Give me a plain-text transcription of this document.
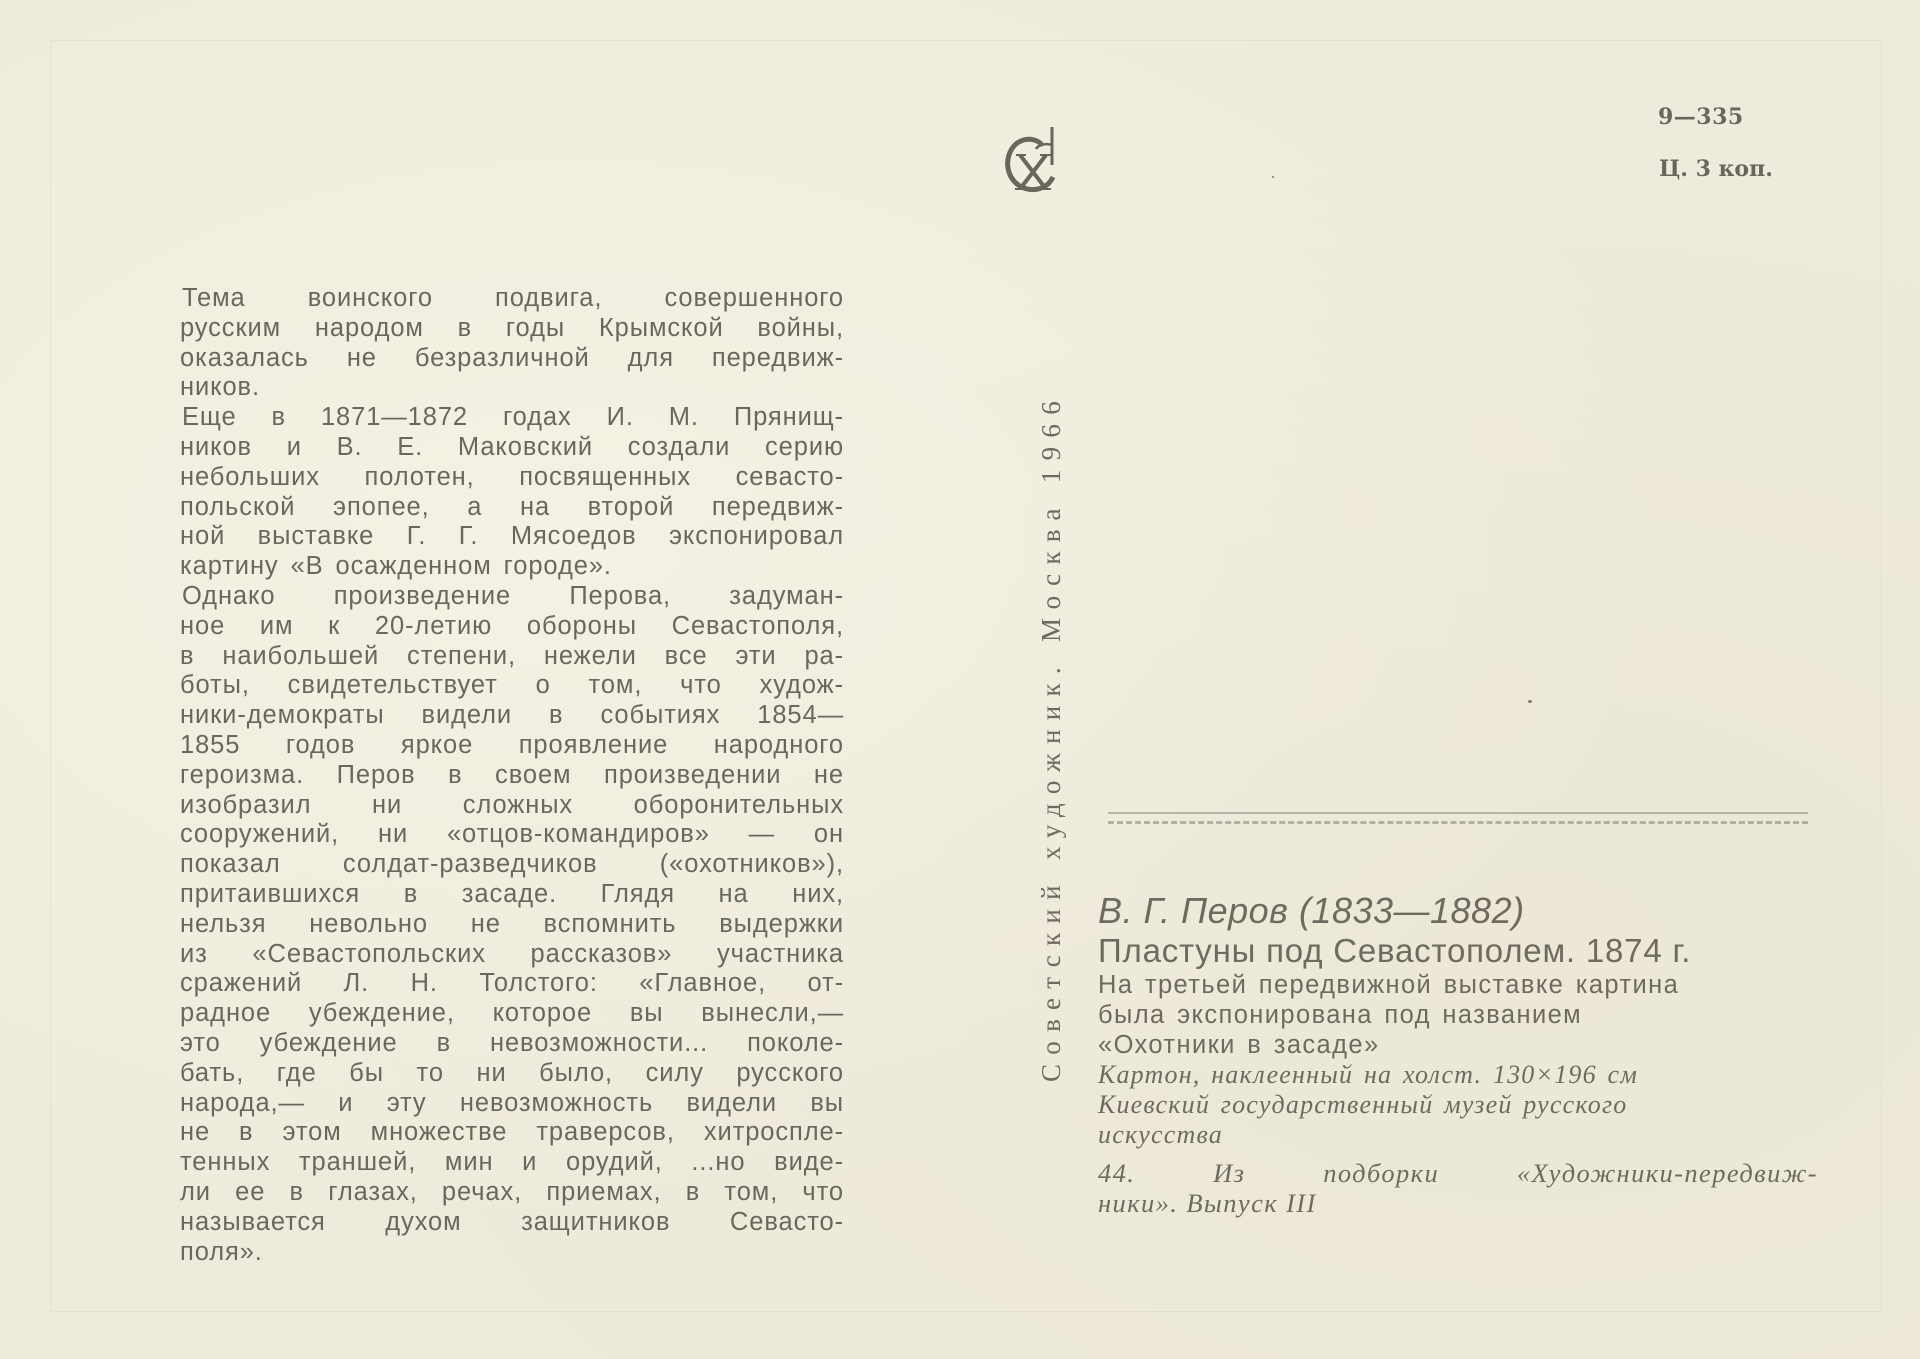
Тема воинского подвига, совершенного
русским народом в годы Крымской войны,
оказалась не безразличной для передвиж-
ников.
Еще в 1871—1872 годах И. М. Прянищ-
ников и В. Е. Маковский создали серию
небольших полотен, посвященных севасто-
польской эпопее, а на второй передвиж-
ной выставке Г. Г. Мясоедов экспонировал
картину «В осажденном городе».
Однако произведение Перова, задуман-
ное им к 20-летию обороны Севастополя,
в наибольшей степени, нежели все эти ра-
боты, свидетельствует о том, что худож-
ники-демократы видели в событиях 1854—
1855 годов яркое проявление народного
героизма. Перов в своем произведении не
изобразил ни сложных оборонительных
сооружений, ни «отцов-командиров» — он
показал солдат-разведчиков («охотников»),
притаившихся в засаде. Глядя на них,
нельзя невольно не вспомнить выдержки
из «Севастопольских рассказов» участника
сражений Л. Н. Толстого: «Главное, от-
радное убеждение, которое вы вынесли,—
это убеждение в невозможности... поколе-
бать, где бы то ни было, силу русского
народа,— и эту невозможность видели вы
не в этом множестве траверсов, хитроспле-
тенных траншей, мин и орудий, ...но виде-
ли ее в глазах, речах, приемах, в том, что
называется духом защитников Севасто-
поля».
Советский художник. Москва 1966
9—335
Ц. 3 коп.
В. Г. Перов (1833—1882)
Пластуны под Севастополем. 1874 г.
На третьей передвижной выставке картина
была экспонирована под названием
«Охотники в засаде»
Картон, наклеенный на холст. 130×196 см
Киевский государственный музей русского
искусства
44. Из подборки «Художники-передвиж-
ники». Выпуск III
